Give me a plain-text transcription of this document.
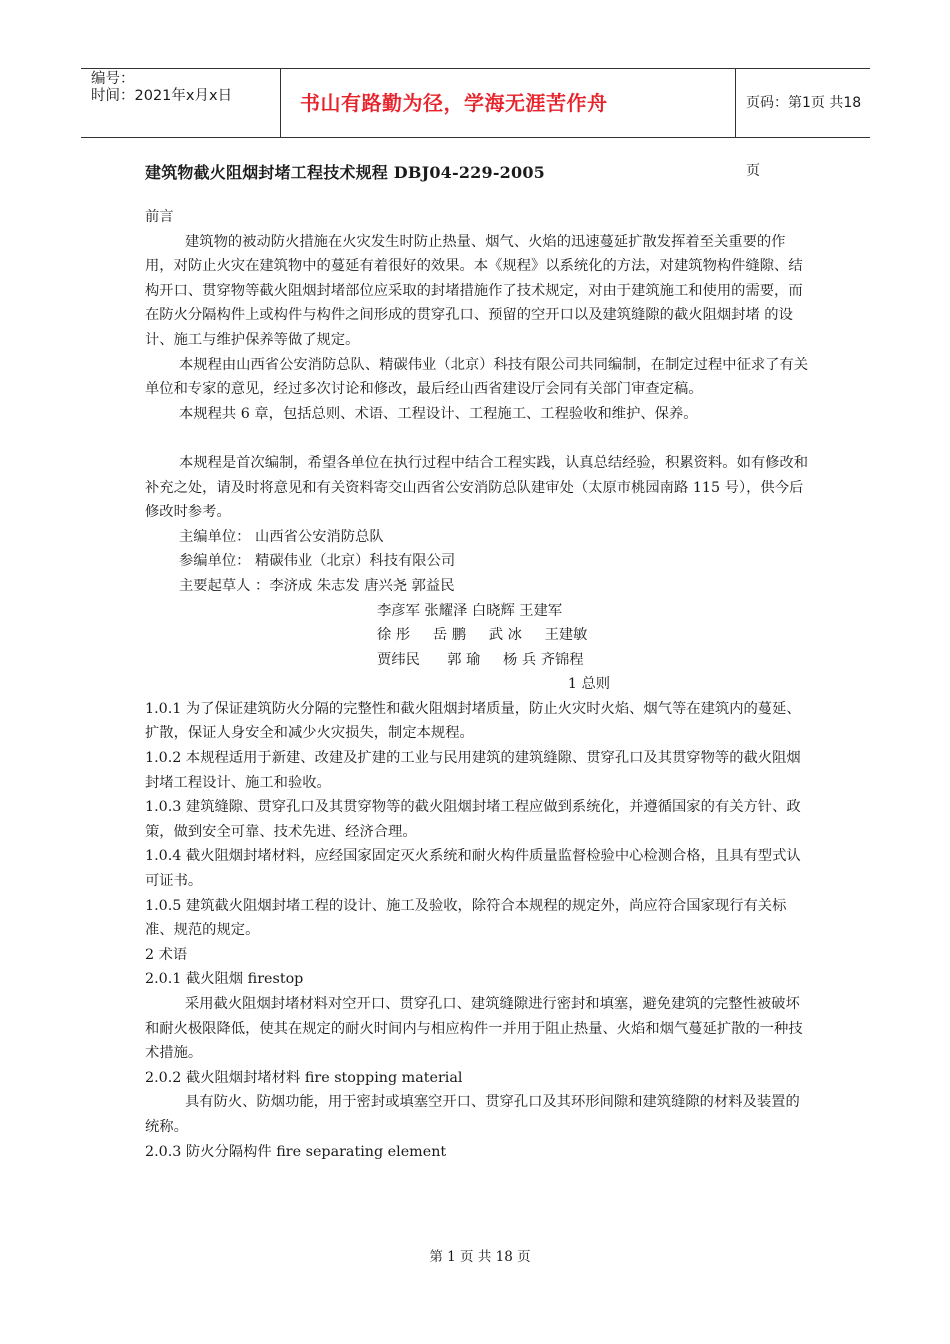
编号：
时间：2021年x月x日	书山有路勤为径，学海无涯苦作舟	页码：第1页 共18页
建筑物截火阻烟封堵工程技术规程 DBJ04-229-2005

前言

建筑物的被动防火措施在火灾发生时防止热量、烟气、火焰的迅速蔓延扩散发挥着至关重要的作用，对防止火灾在建筑物中的蔓延有着很好的效果。本《规程》以系统化的方法，对建筑物构件缝隙、结构开口、贯穿物等截火阻烟封堵部位应采取的封堵措施作了技术规定，对由于建筑施工和使用的需要，而在防火分隔构件上或构件与构件之间形成的贯穿孔口、预留的空开口以及建筑缝隙的截火阻烟封堵 的设计、施工与维护保养等做了规定。

本规程由山西省公安消防总队、精碳伟业（北京）科技有限公司共同编制，在制定过程中征求了有关单位和专家的意见，经过多次讨论和修改，最后经山西省建设厅会同有关部门审查定稿。

本规程共 6 章，包括总则、术语、工程设计、工程施工、工程验收和维护、保养。

本规程是首次编制，希望各单位在执行过程中结合工程实践，认真总结经验，积累资料。如有修改和补充之处，请及时将意见和有关资料寄交山西省公安消防总队建审处（太原市桃园南路 115 号），供今后修改时参考。

主编单位： 山西省公安消防总队

参编单位： 精碳伟业（北京）科技有限公司

主要起草人 ：李济成 朱志发 唐兴尧 郭益民

李彦军 张耀泽 白晓辉 王建军

徐 彤     岳 鹏     武 冰     王建敏

贾纬民      郭 瑜     杨 兵 齐锦程

1 总则

1.0.1 为了保证建筑防火分隔的完整性和截火阻烟封堵质量，防止火灾时火焰、烟气等在建筑内的蔓延、扩散，保证人身安全和减少火灾损失，制定本规程。

1.0.2 本规程适用于新建、改建及扩建的工业与民用建筑的建筑缝隙、贯穿孔口及其贯穿物等的截火阻烟封堵工程设计、施工和验收。

1.0.3 建筑缝隙、贯穿孔口及其贯穿物等的截火阻烟封堵工程应做到系统化，并遵循国家的有关方针、政策，做到安全可靠、技术先进、经济合理。

1.0.4 截火阻烟封堵材料，应经国家固定灭火系统和耐火构件质量监督检验中心检测合格，且具有型式认可证书。

1.0.5 建筑截火阻烟封堵工程的设计、施工及验收，除符合本规程的规定外，尚应符合国家现行有关标准、规范的规定。

2 术语

2.0.1 截火阻烟 firestop

采用截火阻烟封堵材料对空开口、贯穿孔口、建筑缝隙进行密封和填塞，避免建筑的完整性被破坏和耐火极限降低，使其在规定的耐火时间内与相应构件一并用于阻止热量、火焰和烟气蔓延扩散的一种技术措施。

2.0.2 截火阻烟封堵材料 fire stopping material

具有防火、防烟功能，用于密封或填塞空开口、贯穿孔口及其环形间隙和建筑缝隙的材料及装置的统称。

2.0.3 防火分隔构件 fire separating element

第 1 页 共 18 页
